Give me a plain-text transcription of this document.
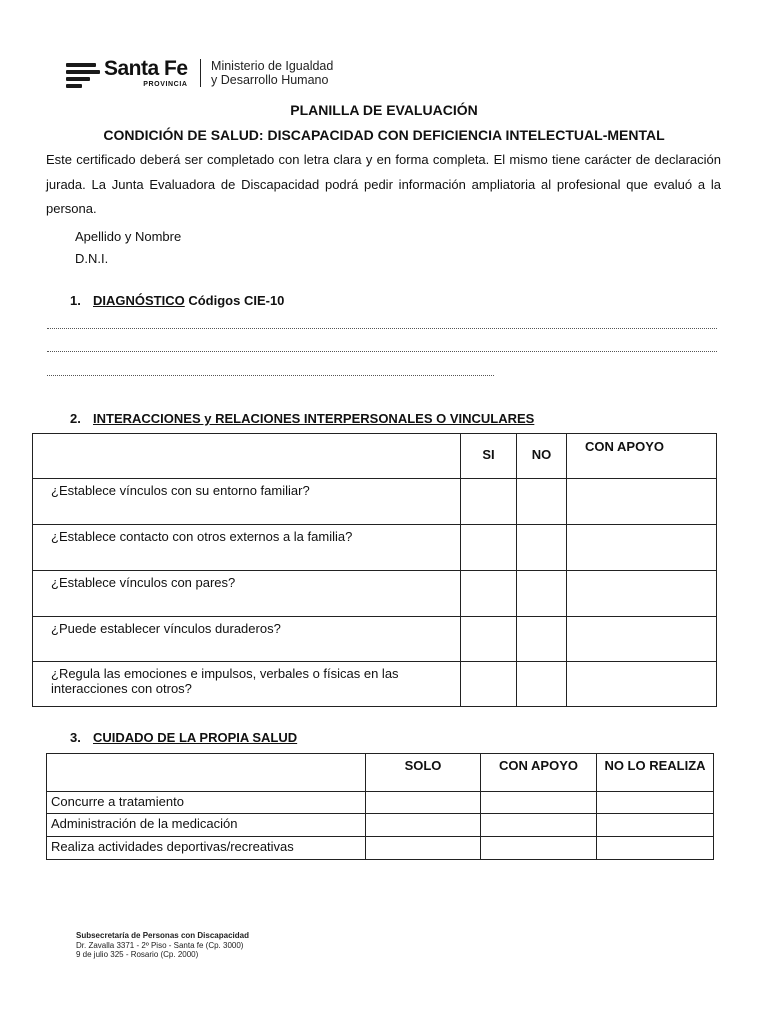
Santa Fe
PROVINCIA
Ministerio de Igualdad
y Desarrollo Humano
PLANILLA DE EVALUACIÓN
CONDICIÓN DE SALUD: DISCAPACIDAD CON DEFICIENCIA INTELECTUAL-MENTAL
Este certificado deberá ser completado con letra clara y en forma completa. El mismo tiene carácter de declaración jurada. La Junta Evaluadora de Discapacidad podrá pedir información ampliatoria al profesional que evaluó a la persona.
Apellido y Nombre
D.N.I.
1. DIAGNÓSTICO Códigos CIE-10
2. INTERACCIONES y RELACIONES INTERPERSONALES O VINCULARES
	SI	NO	CON APOYO
¿Establece vínculos con su entorno familiar?			
¿Establece contacto con otros externos a la familia?			
¿Establece vínculos con pares?			
¿Puede establecer vínculos duraderos?			
¿Regula las emociones e impulsos, verbales o físicas en las interacciones con otros?			
3. CUIDADO DE LA PROPIA SALUD
	SOLO	CON APOYO	NO LO REALIZA
Concurre a tratamiento			
Administración de la medicación			
Realiza actividades deportivas/recreativas			
Subsecretaría de Personas con Discapacidad
Dr. Zavalla 3371 - 2º Piso - Santa fe (Cp. 3000)
9 de julio 325 - Rosario (Cp. 2000)
